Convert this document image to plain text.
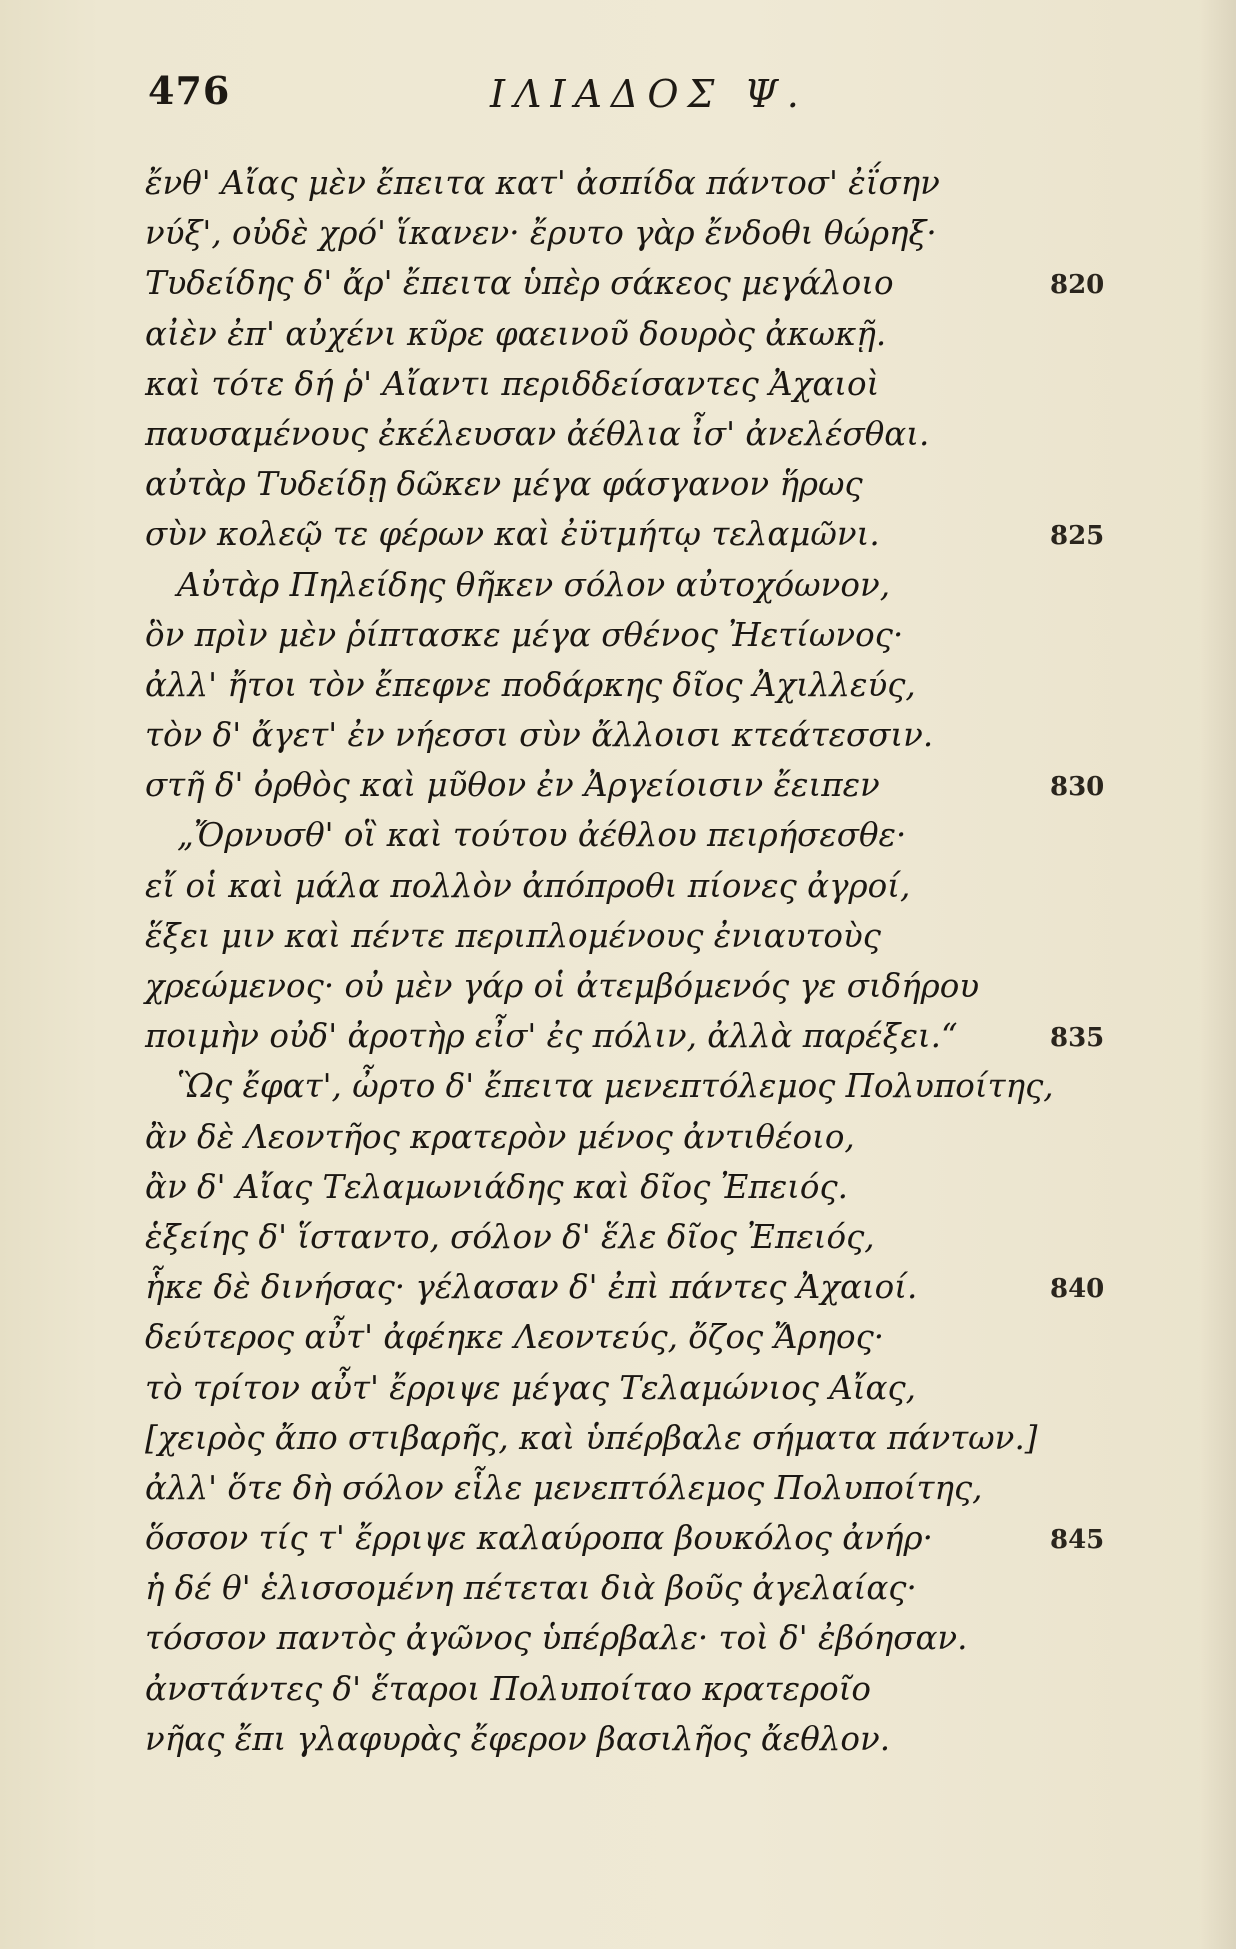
476	ΙΛΙΑΔΟΣ Ψ.
ἔνθ' Αἴας μὲν ἔπειτα κατ' ἀσπίδα πάντοσ' ἐΐσην
νύξ', οὐδὲ χρό' ἵκανεν· ἔρυτο γὰρ ἔνδοθι θώρηξ·
Τυδείδης δ' ἄρ' ἔπειτα ὑπὲρ σάκεος μεγάλοιο	820
αἰὲν ἐπ' αὐχένι κῦρε φαεινοῦ δουρὸς ἀκωκῇ.
καὶ τότε δή ῥ' Αἴαντι περιδδείσαντες Ἀχαιοὶ
παυσαμένους ἐκέλευσαν ἀέθλια ἶσ' ἀνελέσθαι.
αὐτὰρ Τυδείδῃ δῶκεν μέγα φάσγανον ἥρως
σὺν κολεῷ τε φέρων καὶ ἐϋτμήτῳ τελαμῶνι.	825
Αὐτὰρ Πηλείδης θῆκεν σόλον αὐτοχόωνον,
ὃν πρὶν μὲν ῥίπτασκε μέγα σθένος Ἠετίωνος·
ἀλλ' ἤτοι τὸν ἔπεφνε ποδάρκης δῖος Ἀχιλλεύς,
τὸν δ' ἄγετ' ἐν νήεσσι σὺν ἄλλοισι κτεάτεσσιν.
στῆ δ' ὀρθὸς καὶ μῦθον ἐν Ἀργείοισιν ἔειπεν	830
„Ὄρνυσθ' οἳ καὶ τούτου ἀέθλου πειρήσεσθε·
εἴ οἱ καὶ μάλα πολλὸν ἀπόπροθι πίονες ἀγροί,
ἕξει μιν καὶ πέντε περιπλομένους ἐνιαυτοὺς
χρεώμενος· οὐ μὲν γάρ οἱ ἀτεμβόμενός γε σιδήρου
ποιμὴν οὐδ' ἀροτὴρ εἶσ' ἐς πόλιν, ἀλλὰ παρέξει.“	835
Ὣς ἔφατ', ὦρτο δ' ἔπειτα μενεπτόλεμος Πολυποίτης,
ἂν δὲ Λεοντῆος κρατερὸν μένος ἀντιθέοιο,
ἂν δ' Αἴας Τελαμωνιάδης καὶ δῖος Ἐπειός.
ἑξείης δ' ἵσταντο, σόλον δ' ἕλε δῖος Ἐπειός,
ἧκε δὲ δινήσας· γέλασαν δ' ἐπὶ πάντες Ἀχαιοί.	840
δεύτερος αὖτ' ἀφέηκε Λεοντεύς, ὄζος Ἄρηος·
τὸ τρίτον αὖτ' ἔρριψε μέγας Τελαμώνιος Αἴας,
[χειρὸς ἄπο στιβαρῆς, καὶ ὑπέρβαλε σήματα πάντων.]
ἀλλ' ὅτε δὴ σόλον εἷλε μενεπτόλεμος Πολυποίτης,
ὅσσον τίς τ' ἔρριψε καλαύροπα βουκόλος ἀνήρ·	845
ἡ δέ θ' ἑλισσομένη πέτεται διὰ βοῦς ἀγελαίας·
τόσσον παντὸς ἀγῶνος ὑπέρβαλε· τοὶ δ' ἐβόησαν.
ἀνστάντες δ' ἕταροι Πολυποίταο κρατεροῖο
νῆας ἔπι γλαφυρὰς ἔφερον βασιλῆος ἄεθλον.
